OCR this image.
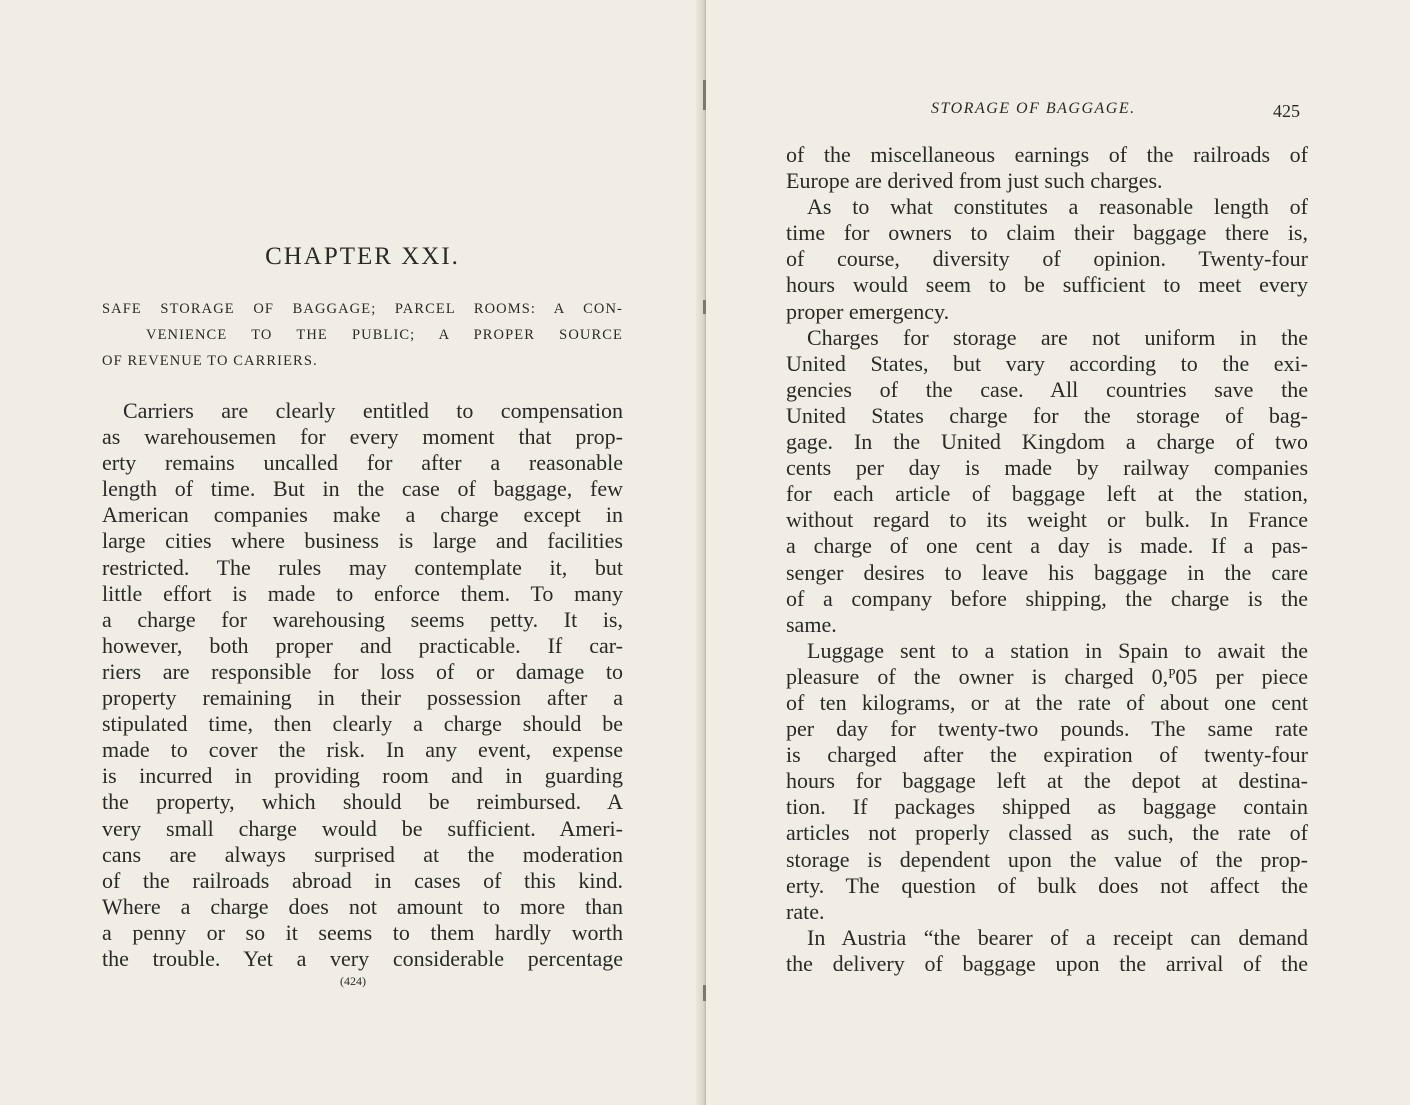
CHAPTER XXI.
SAFE STORAGE OF BAGGAGE; PARCEL ROOMS: A CON-
VENIENCE TO THE PUBLIC; A PROPER SOURCE
OF REVENUE TO CARRIERS.
Carriers are clearly entitled to compensation
as warehousemen for every moment that prop-
erty remains uncalled for after a reasonable
length of time. But in the case of baggage, few
American companies make a charge except in
large cities where business is large and facilities
restricted. The rules may contemplate it, but
little effort is made to enforce them. To many
a charge for warehousing seems petty. It is,
however, both proper and practicable. If car-
riers are responsible for loss of or damage to
property remaining in their possession after a
stipulated time, then clearly a charge should be
made to cover the risk. In any event, expense
is incurred in providing room and in guarding
the property, which should be reimbursed. A
very small charge would be sufficient. Ameri-
cans are always surprised at the moderation
of the railroads abroad in cases of this kind.
Where a charge does not amount to more than
a penny or so it seems to them hardly worth
the trouble. Yet a very considerable percentage
(424)
STORAGE OF BAGGAGE.	425
of the miscellaneous earnings of the railroads of
Europe are derived from just such charges.
As to what constitutes a reasonable length of
time for owners to claim their baggage there is,
of course, diversity of opinion. Twenty-four
hours would seem to be sufficient to meet every
proper emergency.
Charges for storage are not uniform in the
United States, but vary according to the exi-
gencies of the case. All countries save the
United States charge for the storage of bag-
gage. In the United Kingdom a charge of two
cents per day is made by railway companies
for each article of baggage left at the station,
without regard to its weight or bulk. In France
a charge of one cent a day is made. If a pas-
senger desires to leave his baggage in the care
of a company before shipping, the charge is the
same.
Luggage sent to a station in Spain to await the
pleasure of the owner is charged 0,ᴾ05 per piece
of ten kilograms, or at the rate of about one cent
per day for twenty-two pounds. The same rate
is charged after the expiration of twenty-four
hours for baggage left at the depot at destina-
tion. If packages shipped as baggage contain
articles not properly classed as such, the rate of
storage is dependent upon the value of the prop-
erty. The question of bulk does not affect the
rate.
In Austria “the bearer of a receipt can demand
the delivery of baggage upon the arrival of the
